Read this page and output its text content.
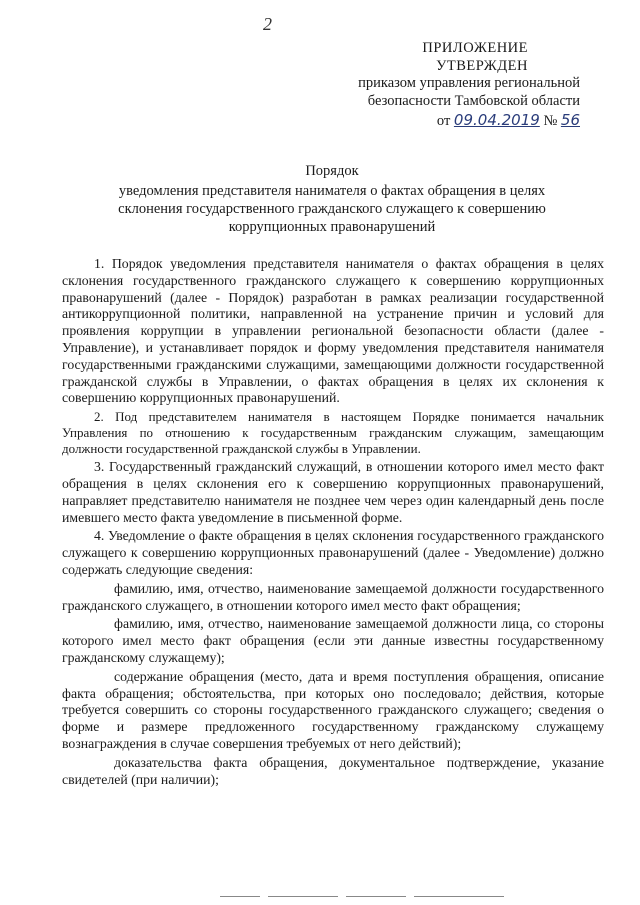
2
ПРИЛОЖЕНИЕ
УТВЕРЖДЕН
приказом управления региональной
безопасности Тамбовской области
от 09.04.2019 № 56
Порядок
уведомления представителя нанимателя о фактах обращения в целях
склонения государственного гражданского служащего к совершению
коррупционных правонарушений

1. Порядок уведомления представителя нанимателя о фактах обращения в целях склонения государственного гражданского служащего к совершению коррупционных правонарушений (далее - Порядок) разработан в рамках реализации государственной антикоррупционной политики, направленной на устранение причин и условий для проявления коррупции в управлении региональной безопасности области (далее - Управление), и устанавливает порядок и форму уведомления представителя нанимателя государственными гражданскими служащими, замещающими должности государственной гражданской службы в Управлении, о фактах обращения в целях их склонения к совершению коррупционных правонарушений.

2. Под представителем нанимателя в настоящем Порядке понимается начальник Управления по отношению к государственным гражданским служащим, замещающим должности государственной гражданской службы в Управлении.

3. Государственный гражданский служащий, в отношении которого имел место факт обращения в целях склонения его к совершению коррупционных правонарушений, направляет представителю нанимателя не позднее чем через один календарный день после имевшего место факта уведомление в письменной форме.

4. Уведомление о факте обращения в целях склонения государственного гражданского служащего к совершению коррупционных правонарушений (далее - Уведомление) должно содержать следующие сведения:

фамилию, имя, отчество, наименование замещаемой должности государственного гражданского служащего, в отношении которого имел место факт обращения;

фамилию, имя, отчество, наименование замещаемой должности лица, со стороны которого имел место факт обращения (если эти данные известны государственному гражданскому служащему);

содержание обращения (место, дата и время поступления обращения, описание факта обращения; обстоятельства, при которых оно последовало; действия, которые требуется совершить со стороны государственного гражданского служащего; сведения о форме и размере предложенного государственному гражданскому служащему вознаграждения в случае совершения требуемых от него действий);

доказательства факта обращения, документальное подтверждение, указание свидетелей (при наличии);
